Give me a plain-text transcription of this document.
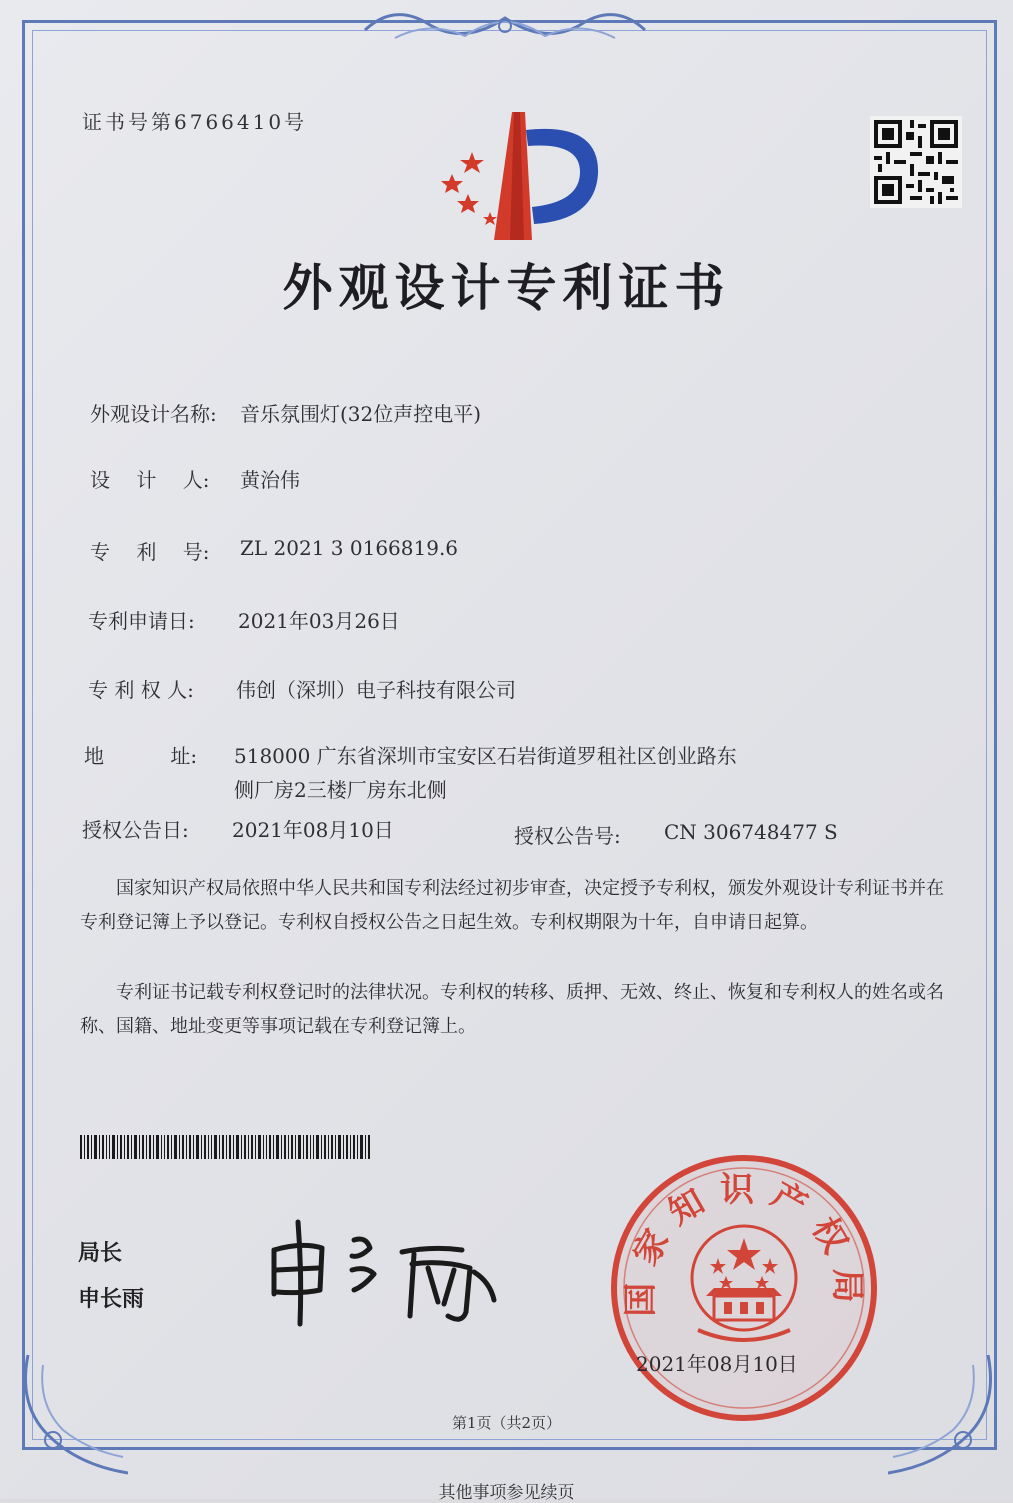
证书号第6766410号
外观设计专利证书
外观设计名称: 音乐氛围灯(32位声控电平)
设　 计　 人: 黄治伟
专　 利　 号: ZL 2021 3 0166819.6
专利申请日: 2021年03月26日
专 利 权 人: 伟创（深圳）电子科技有限公司
地　　　 址: 518000 广东省深圳市宝安区石岩街道罗租社区创业路东
侧厂房2三楼厂房东北侧
授权公告日: 2021年08月10日	授权公告号: CN 306748477 S
国家知识产权局依照中华人民共和国专利法经过初步审查，决定授予专利权，颁发外观设计专利证书并在专利登记簿上予以登记。专利权自授权公告之日起生效。专利权期限为十年，自申请日起算。
专利证书记载专利权登记时的法律状况。专利权的转移、质押、无效、终止、恢复和专利权人的姓名或名称、国籍、地址变更等事项记载在专利登记簿上。
局长
申长雨	国家知识产权局
2021年08月10日
第1页（共2页）
其他事项参见续页
